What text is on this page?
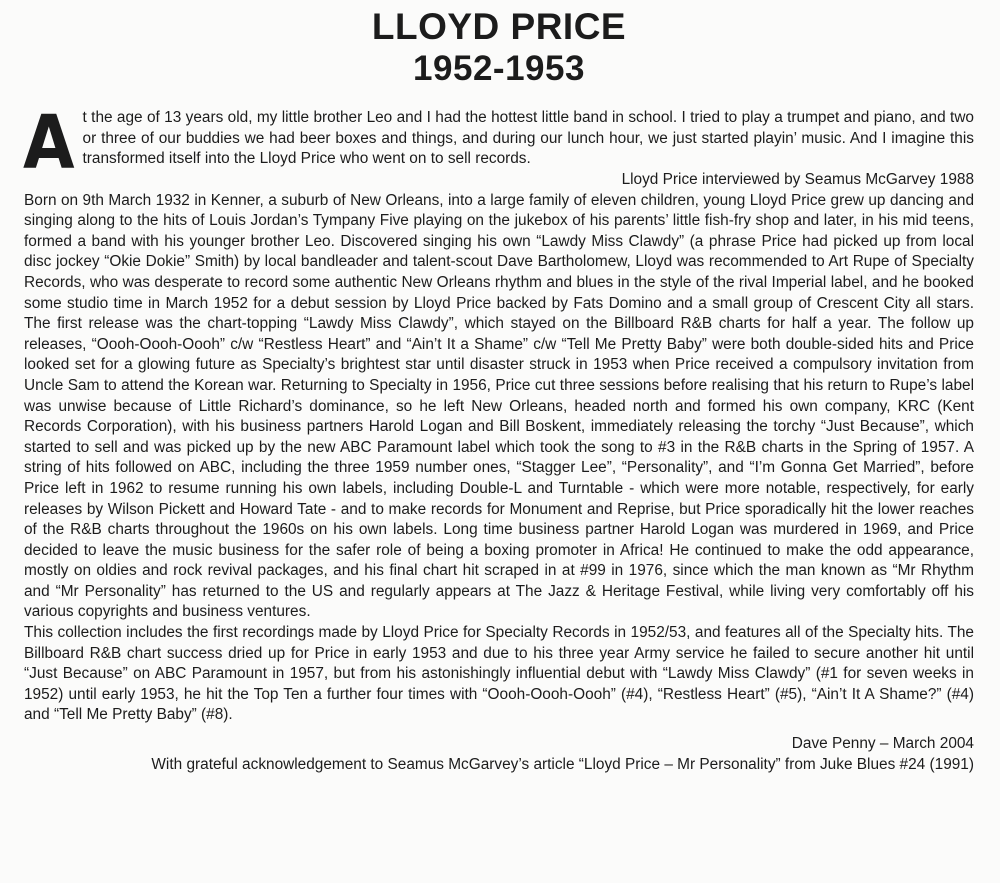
LLOYD PRICE
1952-1953
A t the age of 13 years old, my little brother Leo and I had the hottest little band in school. I tried to play a trumpet and piano, and two or three of our buddies we had beer boxes and things, and during our lunch hour, we just started playin’ music. And I imagine this transformed itself into the Lloyd Price who went on to sell records.

Lloyd Price interviewed by Seamus McGarvey 1988

Born on 9th March 1932 in Kenner, a suburb of New Orleans, into a large family of eleven children, young Lloyd Price grew up dancing and singing along to the hits of Louis Jordan’s Tympany Five playing on the jukebox of his parents’ little fish-fry shop and later, in his mid teens, formed a band with his younger brother Leo. Discovered singing his own “Lawdy Miss Clawdy” (a phrase Price had picked up from local disc jockey “Okie Dokie” Smith) by local bandleader and talent-scout Dave Bartholomew, Lloyd was recommended to Art Rupe of Specialty Records, who was desperate to record some authentic New Orleans rhythm and blues in the style of the rival Imperial label, and he booked some studio time in March 1952 for a debut session by Lloyd Price backed by Fats Domino and a small group of Crescent City all stars. The first release was the chart-topping “Lawdy Miss Clawdy”, which stayed on the Billboard R&B charts for half a year. The follow up releases, “Oooh-Oooh-Oooh” c/w “Restless Heart” and “Ain’t It a Shame” c/w “Tell Me Pretty Baby” were both double-sided hits and Price looked set for a glowing future as Specialty’s brightest star until disaster struck in 1953 when Price received a compulsory invitation from Uncle Sam to attend the Korean war. Returning to Specialty in 1956, Price cut three sessions before realising that his return to Rupe’s label was unwise because of Little Richard’s dominance, so he left New Orleans, headed north and formed his own company, KRC (Kent Records Corporation), with his business partners Harold Logan and Bill Boskent, immediately releasing the torchy “Just Because”, which started to sell and was picked up by the new ABC Paramount label which took the song to #3 in the R&B charts in the Spring of 1957. A string of hits followed on ABC, including the three 1959 number ones, “Stagger Lee”, “Personality”, and “I’m Gonna Get Married”, before Price left in 1962 to resume running his own labels, including Double-L and Turntable - which were more notable, respectively, for early releases by Wilson Pickett and Howard Tate - and to make records for Monument and Reprise, but Price sporadically hit the lower reaches of the R&B charts throughout the 1960s on his own labels. Long time business partner Harold Logan was murdered in 1969, and Price decided to leave the music business for the safer role of being a boxing promoter in Africa! He continued to make the odd appearance, mostly on oldies and rock revival packages, and his final chart hit scraped in at #99 in 1976, since which the man known as “Mr Rhythm and “Mr Personality” has returned to the US and regularly appears at The Jazz & Heritage Festival, while living very comfortably off his various copyrights and business ventures.

This collection includes the first recordings made by Lloyd Price for Specialty Records in 1952/53, and features all of the Specialty hits. The Billboard R&B chart success dried up for Price in early 1953 and due to his three year Army service he failed to secure another hit until “Just Because” on ABC Paramount in 1957, but from his astonishingly influential debut with “Lawdy Miss Clawdy” (#1 for seven weeks in 1952) until early 1953, he hit the Top Ten a further four times with “Oooh-Oooh-Oooh” (#4), “Restless Heart” (#5), “Ain’t It A Shame?” (#4) and “Tell Me Pretty Baby” (#8).

Dave Penny – March 2004

With grateful acknowledgement to Seamus McGarvey’s article “Lloyd Price – Mr Personality” from Juke Blues #24 (1991)
